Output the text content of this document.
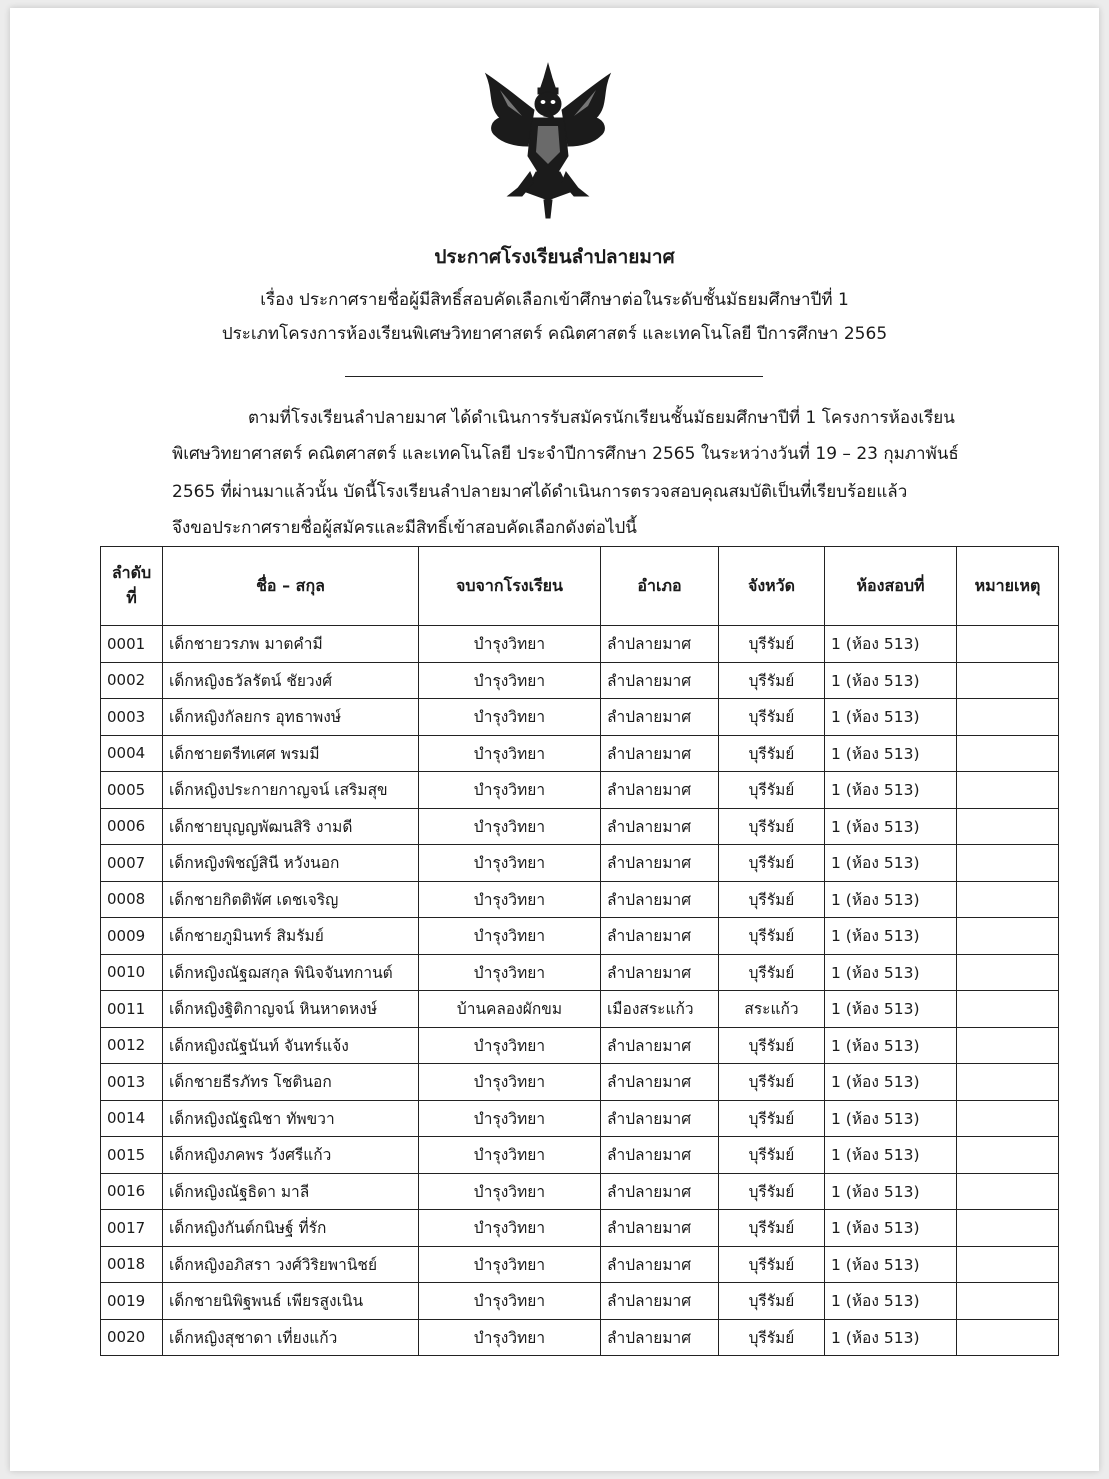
ประกาศโรงเรียนลำปลายมาศ
เรื่อง ประกาศรายชื่อผู้มีสิทธิ์สอบคัดเลือกเข้าศึกษาต่อในระดับชั้นมัธยมศึกษาปีที่ 1
ประเภทโครงการห้องเรียนพิเศษวิทยาศาสตร์ คณิตศาสตร์ และเทคโนโลยี ปีการศึกษา 2565
ตามที่โรงเรียนลำปลายมาศ ได้ดำเนินการรับสมัครนักเรียนชั้นมัธยมศึกษาปีที่ 1 โครงการห้องเรียน
พิเศษวิทยาศาสตร์ คณิตศาสตร์ และเทคโนโลยี ประจำปีการศึกษา 2565 ในระหว่างวันที่ 19 – 23 กุมภาพันธ์
2565 ที่ผ่านมาแล้วนั้น บัดนี้โรงเรียนลำปลายมาศได้ดำเนินการตรวจสอบคุณสมบัติเป็นที่เรียบร้อยแล้ว
จึงขอประกาศรายชื่อผู้สมัครและมีสิทธิ์เข้าสอบคัดเลือกดังต่อไปนี้
ลำดับ
ที่	ชื่อ – สกุล	จบจากโรงเรียน	อำเภอ	จังหวัด	ห้องสอบที่	หมายเหตุ
0001	เด็กชายวรภพ มาตคำมี	บำรุงวิทยา	ลำปลายมาศ	บุรีรัมย์	1 (ห้อง 513)	
0002	เด็กหญิงธวัลรัตน์ ชัยวงศ์	บำรุงวิทยา	ลำปลายมาศ	บุรีรัมย์	1 (ห้อง 513)	
0003	เด็กหญิงกัลยกร อุทธาพงษ์	บำรุงวิทยา	ลำปลายมาศ	บุรีรัมย์	1 (ห้อง 513)	
0004	เด็กชายตรีทเศศ พรมมี	บำรุงวิทยา	ลำปลายมาศ	บุรีรัมย์	1 (ห้อง 513)	
0005	เด็กหญิงประกายกาญจน์ เสริมสุข	บำรุงวิทยา	ลำปลายมาศ	บุรีรัมย์	1 (ห้อง 513)	
0006	เด็กชายบุญญพัฒนสิริ งามดี	บำรุงวิทยา	ลำปลายมาศ	บุรีรัมย์	1 (ห้อง 513)	
0007	เด็กหญิงพิชญ์สินี หวังนอก	บำรุงวิทยา	ลำปลายมาศ	บุรีรัมย์	1 (ห้อง 513)	
0008	เด็กชายกิตติพัศ เดชเจริญ	บำรุงวิทยา	ลำปลายมาศ	บุรีรัมย์	1 (ห้อง 513)	
0009	เด็กชายภูมินทร์ สิมรัมย์	บำรุงวิทยา	ลำปลายมาศ	บุรีรัมย์	1 (ห้อง 513)	
0010	เด็กหญิงณัฐฌสกุล พินิจจันทกานต์	บำรุงวิทยา	ลำปลายมาศ	บุรีรัมย์	1 (ห้อง 513)	
0011	เด็กหญิงฐิติกาญจน์ หินหาดหงษ์	บ้านคลองผักขม	เมืองสระแก้ว	สระแก้ว	1 (ห้อง 513)	
0012	เด็กหญิงณัฐนันท์ จันทร์แจ้ง	บำรุงวิทยา	ลำปลายมาศ	บุรีรัมย์	1 (ห้อง 513)	
0013	เด็กชายธีรภัทร โชตินอก	บำรุงวิทยา	ลำปลายมาศ	บุรีรัมย์	1 (ห้อง 513)	
0014	เด็กหญิงณัฐณิชา ทัพขวา	บำรุงวิทยา	ลำปลายมาศ	บุรีรัมย์	1 (ห้อง 513)	
0015	เด็กหญิงภคพร วังศรีแก้ว	บำรุงวิทยา	ลำปลายมาศ	บุรีรัมย์	1 (ห้อง 513)	
0016	เด็กหญิงณัฐธิดา มาลี	บำรุงวิทยา	ลำปลายมาศ	บุรีรัมย์	1 (ห้อง 513)	
0017	เด็กหญิงกันต์กนิษฐ์ ที่รัก	บำรุงวิทยา	ลำปลายมาศ	บุรีรัมย์	1 (ห้อง 513)	
0018	เด็กหญิงอภิสรา วงศ์วิริยพานิชย์	บำรุงวิทยา	ลำปลายมาศ	บุรีรัมย์	1 (ห้อง 513)	
0019	เด็กชายนิพิฐพนธ์ เพียรสูงเนิน	บำรุงวิทยา	ลำปลายมาศ	บุรีรัมย์	1 (ห้อง 513)	
0020	เด็กหญิงสุชาดา เที่ยงแก้ว	บำรุงวิทยา	ลำปลายมาศ	บุรีรัมย์	1 (ห้อง 513)	
